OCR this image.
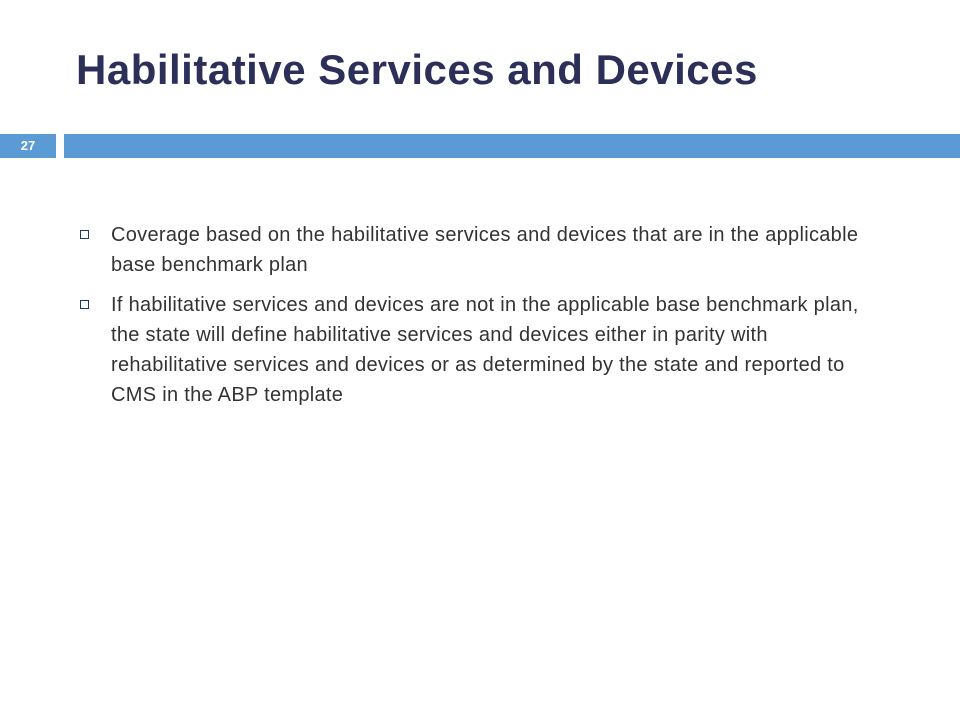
Habilitative Services and Devices
27
Coverage based on the habilitative services and devices that are in the applicable base benchmark plan
If habilitative services and devices are not in the applicable base benchmark plan, the state will define habilitative services and devices either in parity with rehabilitative services and devices or as determined by the state and reported to CMS in the ABP template
